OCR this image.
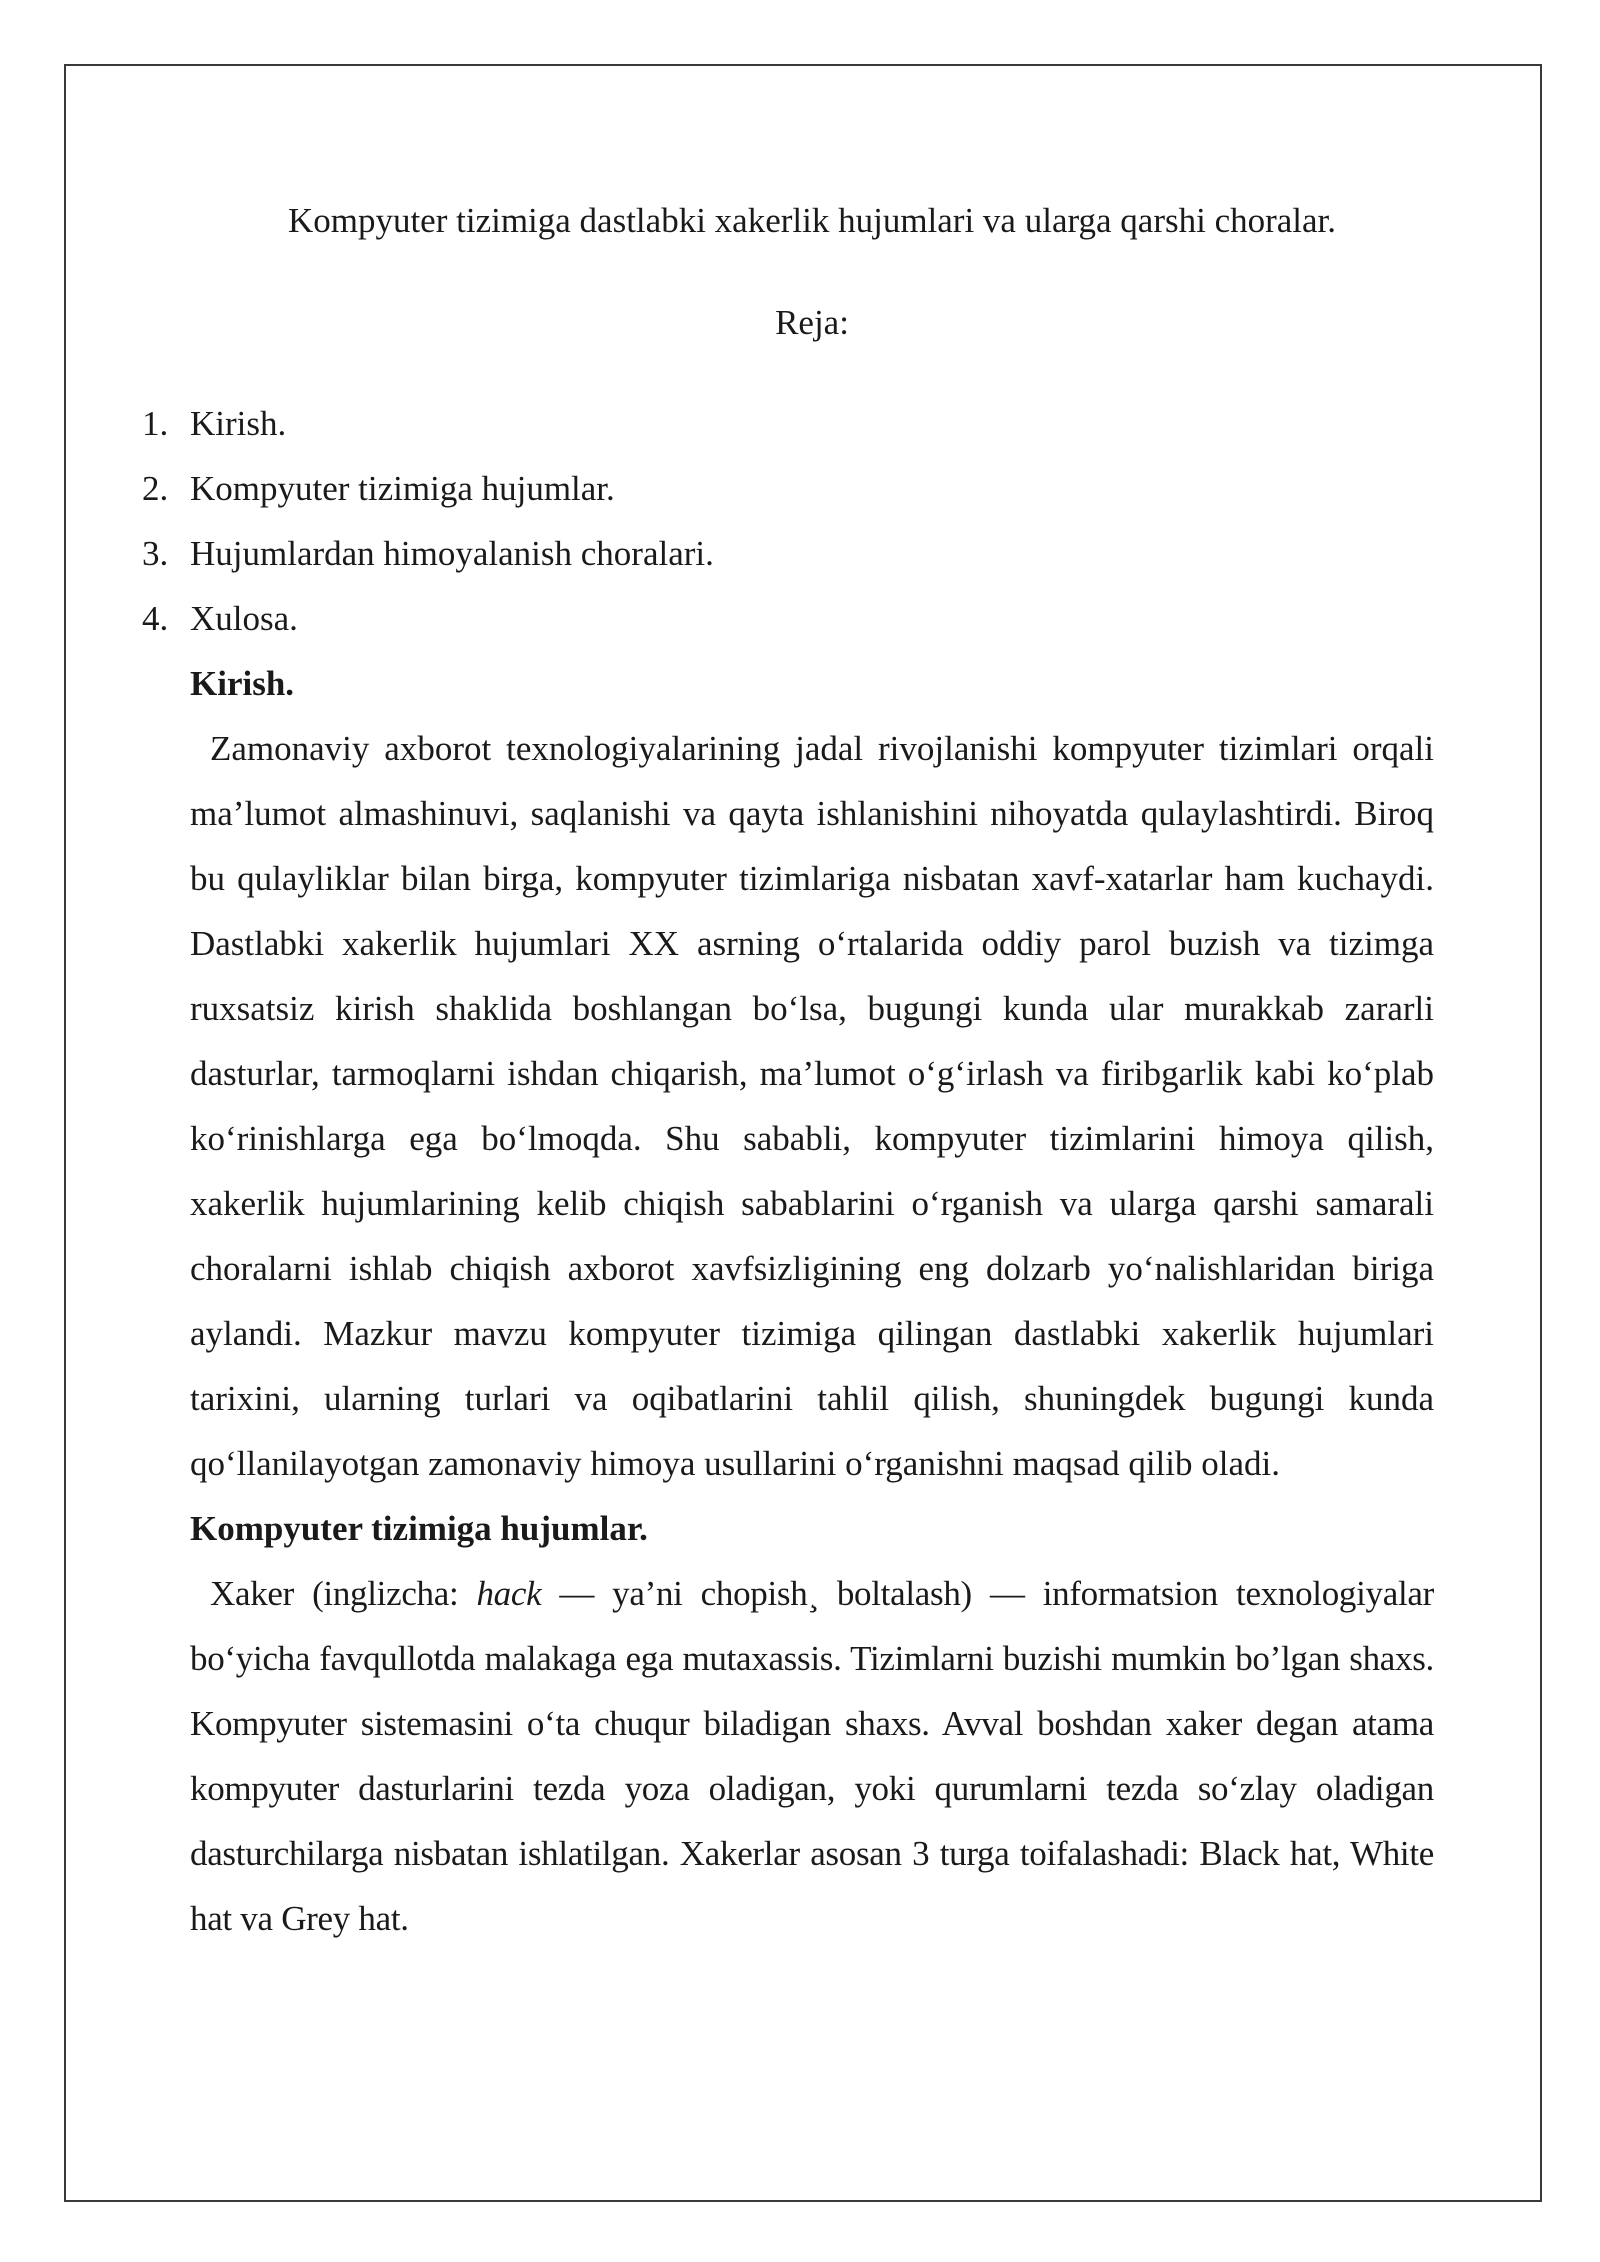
Kompyuter tizimiga dastlabki xakerlik hujumlari va ularga qarshi choralar.

Reja:

1. Kirish.
2. Kompyuter tizimiga hujumlar.
3. Hujumlardan himoyalanish choralari.
4. Xulosa.

Kirish.

Zamonaviy axborot texnologiyalarining jadal rivojlanishi kompyuter tizimlari orqali ma’lumot almashinuvi, saqlanishi va qayta ishlanishini nihoyatda qulaylashtirdi. Biroq bu qulayliklar bilan birga, kompyuter tizimlariga nisbatan xavf-xatarlar ham kuchaydi. Dastlabki xakerlik hujumlari XX asrning o‘rtalarida oddiy parol buzish va tizimga ruxsatsiz kirish shaklida boshlangan bo‘lsa, bugungi kunda ular murakkab zararli dasturlar, tarmoqlarni ishdan chiqarish, ma’lumot o‘g‘irlash va firibgarlik kabi ko‘plab ko‘rinishlarga ega bo‘lmoqda. Shu sababli, kompyuter tizimlarini himoya qilish, xakerlik hujumlarining kelib chiqish sabablarini o‘rganish va ularga qarshi samarali choralarni ishlab chiqish axborot xavfsizligining eng dolzarb yo‘nalishlaridan biriga aylandi. Mazkur mavzu kompyuter tizimiga qilingan dastlabki xakerlik hujumlari tarixini, ularning turlari va oqibatlarini tahlil qilish, shuningdek bugungi kunda qo‘llanilayotgan zamonaviy himoya usullarini o‘rganishni maqsad qilib oladi.

Kompyuter tizimiga hujumlar.

Xaker (inglizcha: hack — ya’ni chopish¸ boltalash) — informatsion texnologiyalar bo‘yicha favqullotda malakaga ega mutaxassis. Tizimlarni buzishi mumkin bo’lgan shaxs. Kompyuter sistemasini o‘ta chuqur biladigan shaxs. Avval boshdan xaker degan atama kompyuter dasturlarini tezda yoza oladigan, yoki qurumlarni tezda so‘zlay oladigan dasturchilarga nisbatan ishlatilgan. Xakerlar asosan 3 turga toifalashadi: Black hat, White hat va Grey hat.
